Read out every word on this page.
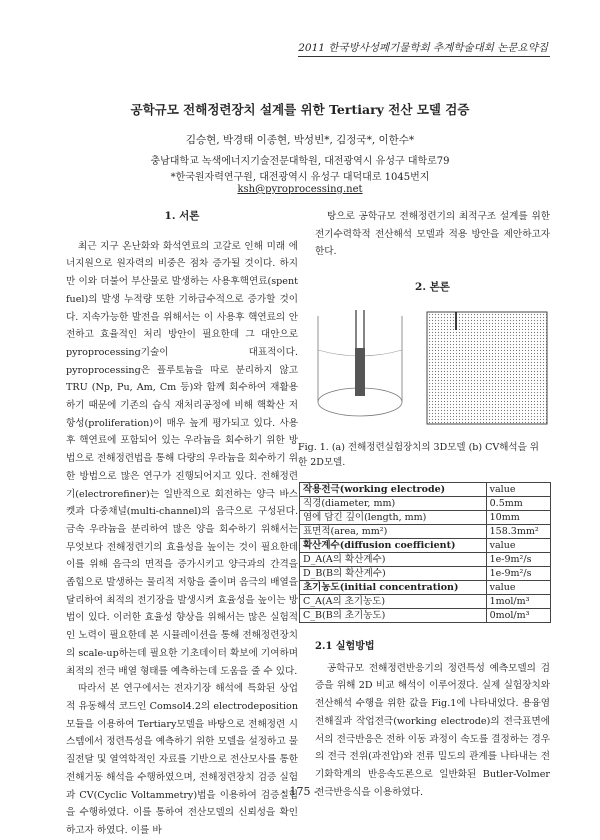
2011 한국방사성폐기물학회 추계학술대회 논문요약집
공학규모 전해정련장치 설계를 위한 Tertiary 전산 모델 검증
김승현, 박경태 이종현, 박성빈*, 김정국*, 이한수*
충남대학교 녹색에너지기술전문대학원, 대전광역시 유성구 대학로79
*한국원자력연구원, 대전광역시 유성구 대덕대로 1045번지
ksh@pyroprocessing.net

1. 서론

최근 지구 온난화와 화석연료의 고갈로 인해 미래 에너지원으로 원자력의 비중은 점차 증가될 것이다. 하지만 이와 더불어 부산물로 발생하는 사용후핵연료(spent fuel)의 발생 누적량 또한 기하급수적으로 증가할 것이다. 지속가능한 발전을 위해서는 이 사용후 핵연료의 안전하고 효율적인 처리 방안이 필요한데 그 대안으로 pyroprocessing기술이 대표적이다. pyroprocessing은 플루토늄을 따로 분리하지 않고 TRU (Np, Pu, Am, Cm 등)와 함께 회수하여 재활용하기 때문에 기존의 습식 재처리공정에 비해 핵확산 저항성(proliferation)이 매우 높게 평가되고 있다. 사용후 핵연료에 포함되어 있는 우라늄을 회수하기 위한 방법으로 전해정련법을 통해 다량의 우라늄을 회수하기 위한 방법으로 많은 연구가 진행되어지고 있다. 전해정련기(electrorefiner)는 일반적으로 회전하는 양극 바스켓과 다중채널(multi-channel)의 음극으로 구성된다. 금속 우라늄을 분리하여 많은 양을 회수하기 위해서는 무엇보다 전해정련기의 효율성을 높이는 것이 필요한데 이를 위해 음극의 면적을 증가시키고 양극과의 간격을 좁힘으로 발생하는 물리적 저항을 줄이며 음극의 배열을 달리하여 최적의 전기장을 발생시켜 효율성을 높이는 방법이 있다. 이러한 효율성 향상을 위해서는 많은 실험적인 노력이 필요한데 본 시뮬레이션을 통해 전해정련장치의 scale-up하는데 필요한 기초데이터 확보에 기여하며 최적의 전극 배열 형태를 예측하는데 도움을 줄 수 있다.

따라서 본 연구에서는 전자기장 해석에 특화된 상업적 유동해석 코드인 Comsol4.2의 electrodeposition 모듈을 이용하여 Tertiary모델을 바탕으로 전해정련 시스템에서 정련특성을 예측하기 위한 모델을 설정하고 물질전달 및 열역학적인 자료를 기반으로 전산모사를 통한 전해거동 해석을 수행하였으며, 전해정련장치 검증 실험과 CV(Cyclic Voltammetry)법을 이용하여 검증실험을 수행하였다. 이를 통하여 전산모델의 신뢰성을 확인하고자 하였다. 이를 바

탕으로 공학규모 전해정련기의 최적구조 설계를 위한 전기수력학적 전산해석 모델과 적용 방안을 제안하고자 한다.

2. 본론

Fig. 1. (a) 전해정련실험장치의 3D모델 (b) CV해석을 위한 2D모델.
작용전극(working electrode)	value
직경(diameter, mm)	0.5mm
염에 담긴 깊이(length, mm)	10mm
표면적(area, mm²)	158.3mm²
확산계수(diffusion coefficient)	value
D_A(A의 확산계수)	1e-9m²/s
D_B(B의 확산계수)	1e-9m²/s
초기농도(initial concentration)	value
C_A(A의 초기농도)	1mol/m³
C_B(B의 초기농도)	0mol/m³

2.1 실험방법

공학규모 전해정련반응기의 정련특성 예측모델의 검증을 위해 2D 비교 해석이 이루어졌다. 실제 실험장치와 전산해석 수행을 위한 값을 Fig.1에 나타내었다. 용융염 전해질과 작업전극(working electrode)의 전극표면에서의 전극반응은 전하 이동 과정이 속도를 결정하는 경우의 전극 전위(과전압)와 전류 밀도의 관계를 나타내는 전기화학계의 반응속도론으로 일반화된 Butler-Volmer 전극반응식을 이용하였다.

- 175 -
